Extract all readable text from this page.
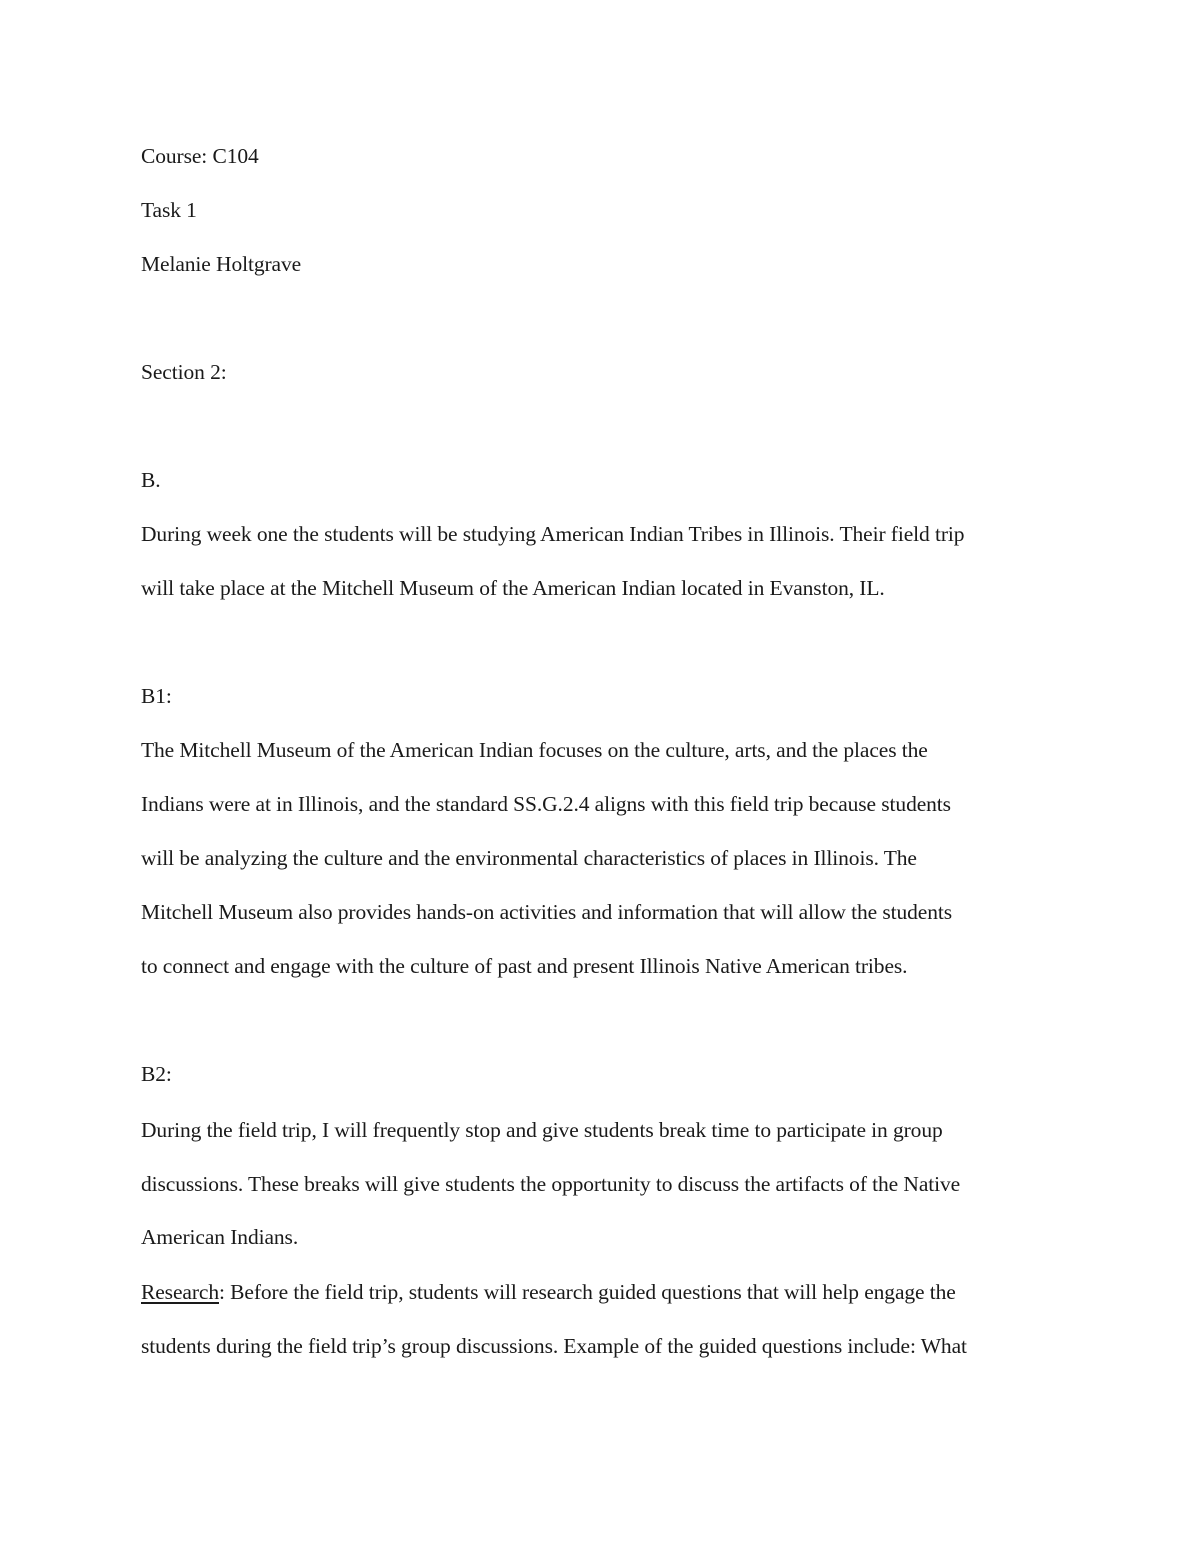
Course: C104
Task 1
Melanie Holtgrave
Section 2:
B.
During week one the students will be studying American Indian Tribes in Illinois. Their field trip
will take place at the Mitchell Museum of the American Indian located in Evanston, IL.
B1:
The Mitchell Museum of the American Indian focuses on the culture, arts, and the places the
Indians were at in Illinois, and the standard SS.G.2.4 aligns with this field trip because students
will be analyzing the culture and the environmental characteristics of places in Illinois. The
Mitchell Museum also provides hands-on activities and information that will allow the students
to connect and engage with the culture of past and present Illinois Native American tribes.
B2:
During the field trip, I will frequently stop and give students break time to participate in group
discussions. These breaks will give students the opportunity to discuss the artifacts of the Native
American Indians.
Research: Before the field trip, students will research guided questions that will help engage the
students during the field trip’s group discussions. Example of the guided questions include: What
